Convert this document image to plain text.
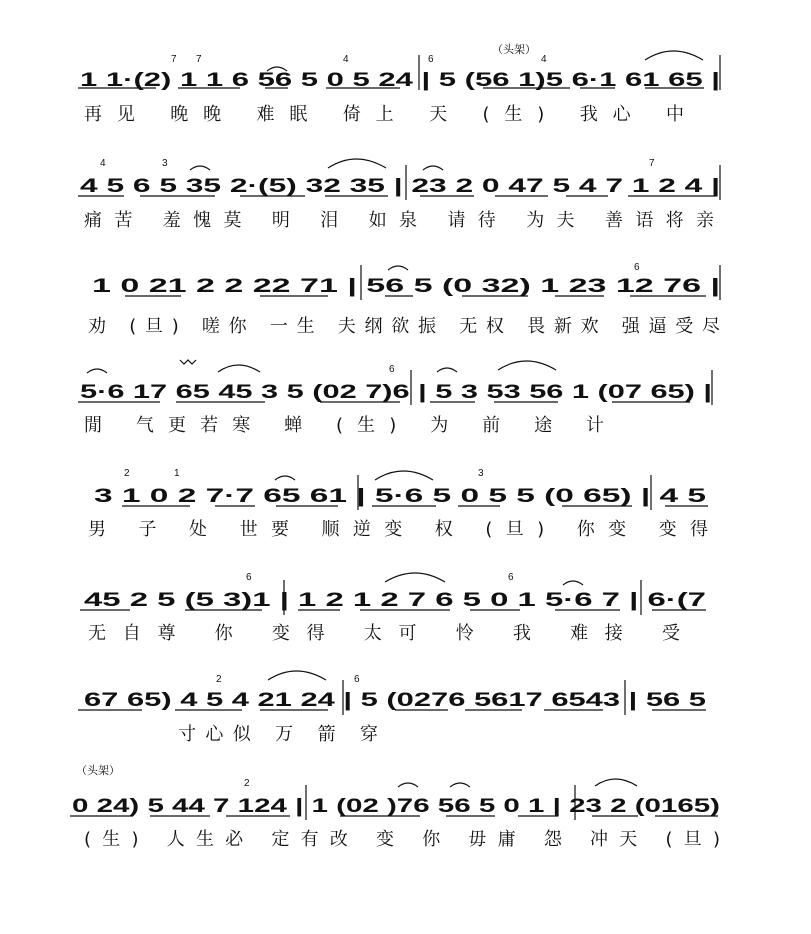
（头架）
（头架）
1 1·(2) 1 1 6 56 5 0 5 24 | 5 (56 1)5 6·1 61 65 |
再见 晚晚 难眠 倚上 天 (生) 我心 中
4 5 6 5 35 2·(5) 32 35 | 23 2 0 47 5 4 7 1 2 4 |
痛苦 羞愧莫 明 泪 如泉 请待 为夫 善语将亲
1 0 21 2 2 22 71 | 56 5 (0 32) 1 23 12 76 |
劝 (旦) 嗟你 一生 夫纲欲振 无权 畏新欢 强逼受尽
5·6 17 65 45 3 5 (02 7)6 | 5 3 53 56 1 (07 65) |
閒 气更若寒 蝉 (生) 为 前 途 计
3 1 0 2 7·7 65 61 | 5·6 5 0 5 5 (0 65) | 4 5
男 子 处 世要 顺逆变 权 (旦) 你变 变得
45 2 5 (5 3)1 | 1 2 1 2 7 6 5 0 1 5·6 7 | 6·(7
无自尊 你 变得 太可 怜 我 难接 受
67 65) 4 5 4 21 24 | 5 (0276 5617 6543 | 56 5
寸心似 万 箭 穿
0 24) 5 44 7 124 | 1 (02 )76 56 5 0 1 | 23 2 (0165)
(生) 人生必 定有改 变 你 毋庸 怨 冲天 (旦)
7 7	4	6	4
4	3	7
6
6
2	1	3
6	6
2	6
2
